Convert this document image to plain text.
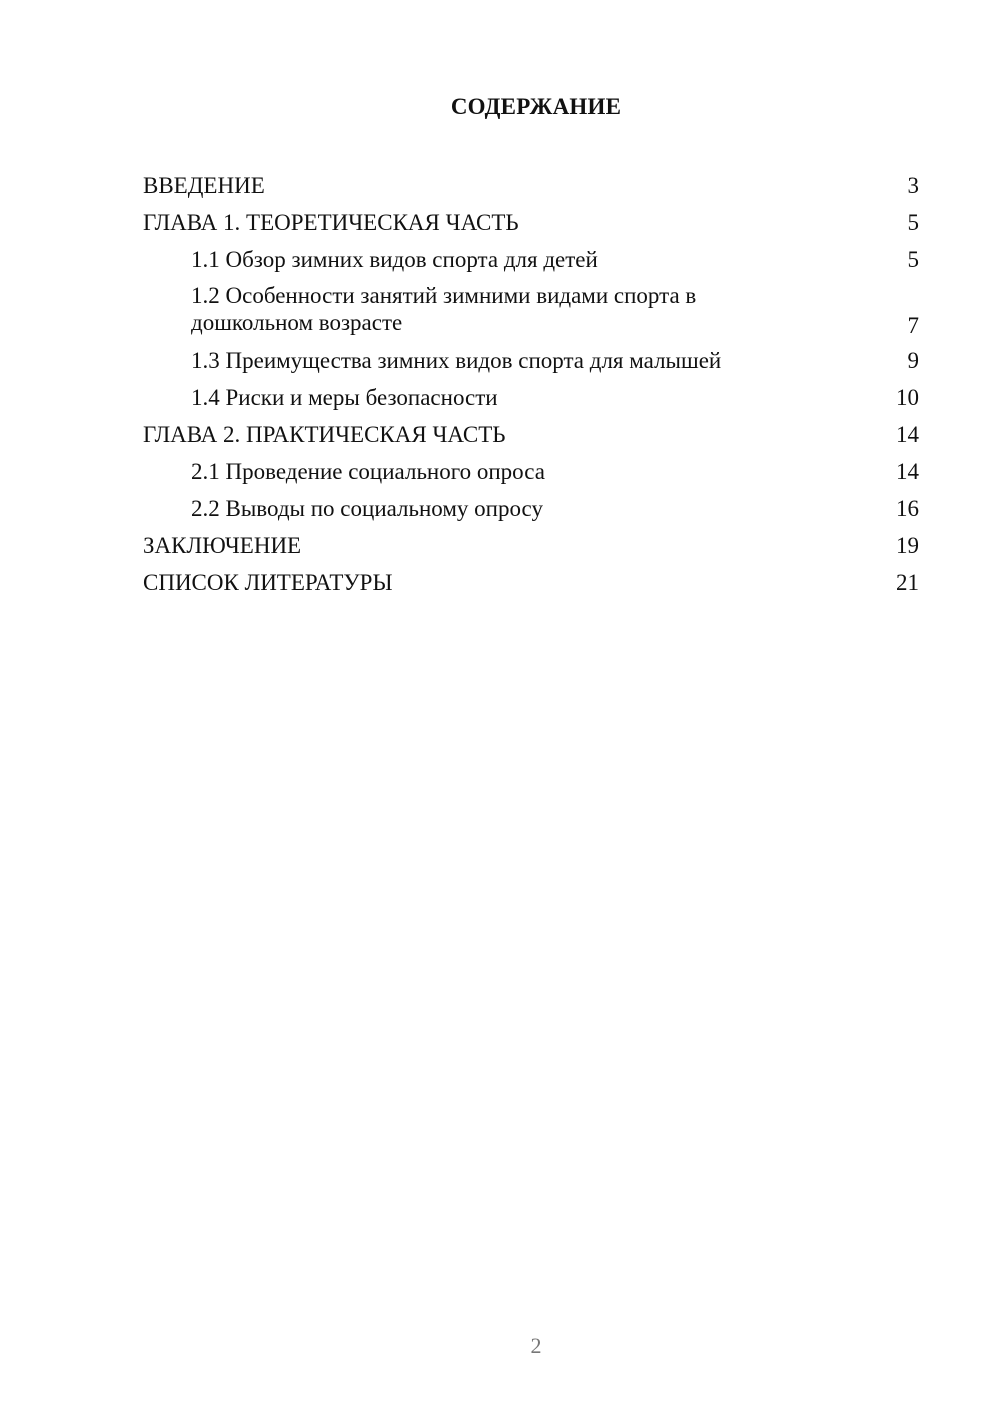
СОДЕРЖАНИЕ
ВВЕДЕНИЕ	3
ГЛАВА 1. ТЕОРЕТИЧЕСКАЯ ЧАСТЬ	5
1.1 Обзор зимних видов спорта для детей	5
1.2 Особенности занятий зимними видами спорта в дошкольном возрасте	7
1.3 Преимущества зимних видов спорта для малышей	9
1.4 Риски и меры безопасности	10
ГЛАВА 2. ПРАКТИЧЕСКАЯ ЧАСТЬ	14
2.1 Проведение социального опроса	14
2.2 Выводы по социальному опросу	16
ЗАКЛЮЧЕНИЕ	19
СПИСОК ЛИТЕРАТУРЫ	21
2
